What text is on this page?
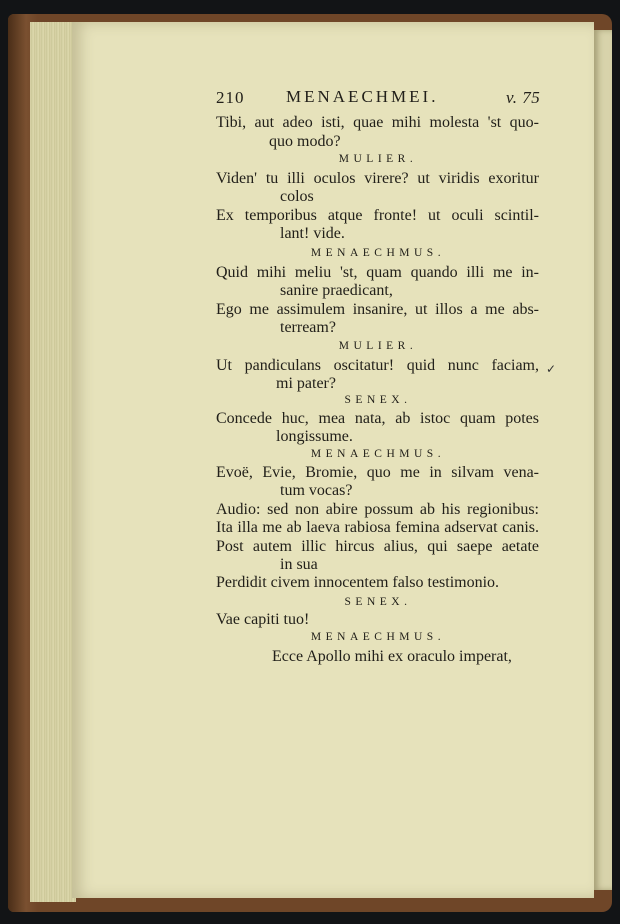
210 MENAECHMEI.	v. 75
Tibi, aut adeo isti, quae mihi molesta 'st quo-
quo modo?
MULIER.
Viden' tu illi oculos virere? ut viridis exoritur
colos
Ex temporibus atque fronte! ut oculi scintil-
lant! vide.
MENAECHMUS.
Quid mihi meliu 'st, quam quando illi me in-
sanire praedicant,
Ego me assimulem insanire, ut illos a me abs-
terream?
MULIER.
Ut pandiculans oscitatur! quid nunc faciam,
mi pater?
SENEX.
Concede huc, mea nata, ab istoc quam potes
longissume.
MENAECHMUS.
Evoë, Evie, Bromie, quo me in silvam vena-
tum vocas?
Audio: sed non abire possum ab his regionibus:
Ita illa me ab laeva rabiosa femina adservat canis.
Post autem illic hircus alius, qui saepe aetate
in sua
Perdidit civem innocentem falso testimonio.
SENEX.
Vae capiti tuo!
MENAECHMUS.
Ecce Apollo mihi ex oraculo imperat,
✓
